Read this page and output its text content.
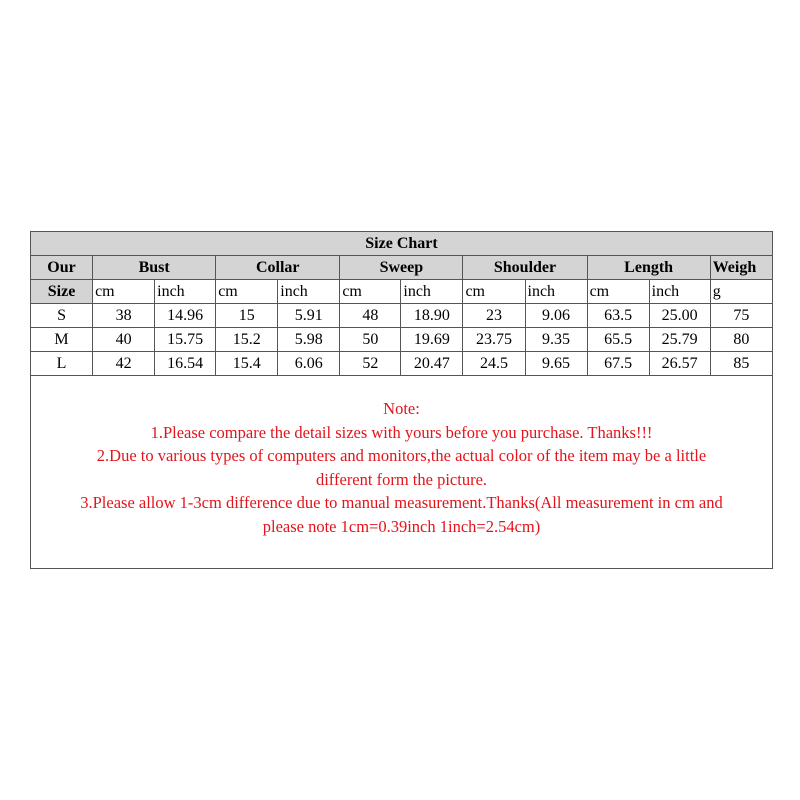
Size Chart											
Our	Bust		Collar		Sweep		Shoulder		Length		Weigh
Size	cm	inch	cm	inch	cm	inch	cm	inch	cm	inch	g
S	38	14.96	15	5.91	48	18.90	23	9.06	63.5	25.00	75
M	40	15.75	15.2	5.98	50	19.69	23.75	9.35	65.5	25.79	80
L	42	16.54	15.4	6.06	52	20.47	24.5	9.65	67.5	26.57	85

Note:

1.Please compare the detail sizes with yours before you purchase. Thanks!!!

2.Due to various types of computers and monitors,the actual color of the item may be a little

different form the picture.

3.Please allow 1-3cm difference due to manual measurement.Thanks(All measurement in cm and

please note 1cm=0.39inch 1inch=2.54cm)
